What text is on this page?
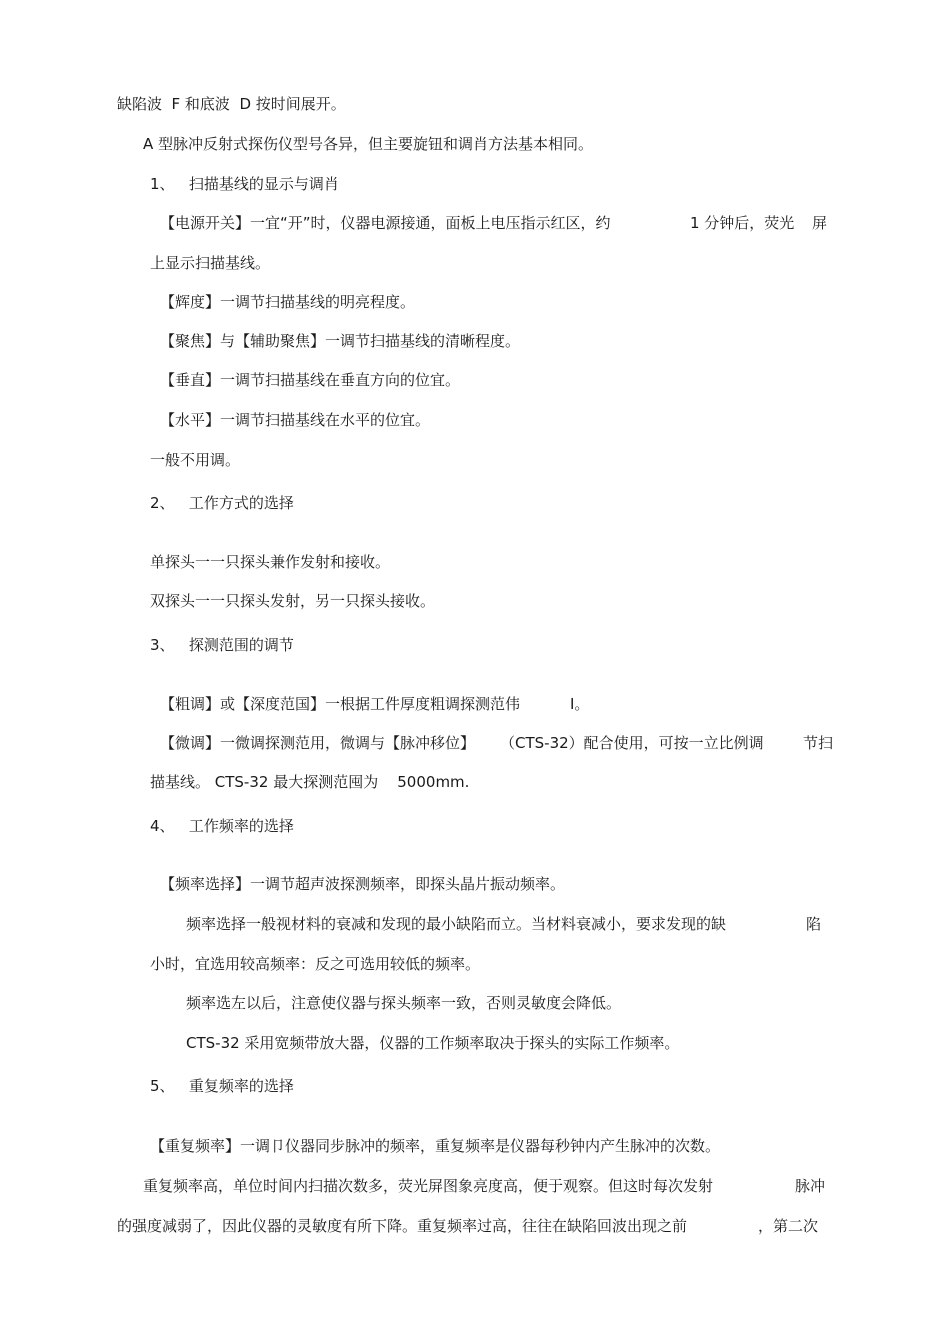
缺陷波  F 和底波  D 按时间展开。
A 型脉冲反射式探伤仪型号各异，但主要旋钮和调肖方法基本相同。
1、   扫描基线的显示与调肖
【电源开关】一宜“开”时，仪器电源接通，面板上电压指示红区，约	1 分钟后，荧光 屏
上显示扫描基线。
【辉度】一调节扫描基线的明亮程度。
【聚焦】与【辅助聚焦】一调节扫描基线的清晰程度。
【垂直】一调节扫描基线在垂直方向的位宜。
【水平】一调节扫描基线在水平的位宜。
一般不用调。
2、   工作方式的选择
单探头一一只探头兼作发射和接收。
双探头一一只探头发射，另一只探头接收。
3、   探测范围的调节
【粗调】或【深度范国】一根据工件厚度粗调探测范伟	I。
【微调】一微调探测范用，微调与【脉冲移位】 （CTS-32）配合使用，可按一立比例调	节扫
描基线。 CTS-32 最大探测范囤为    5000mm.
4、   工作频率的选择
【频率选择】一调节超声波探测频率，即探头晶片振动频率。
频率选择一般视材料的衰减和发现的最小缺陷而立。当材料衰减小，要求发现的缺	陷
小时，宜选用较高频率：反之可选用较低的频率。
频率选左以后，注意使仪器与探头频率一致，否则灵敏度会降低。
CTS-32 采用宽频带放大器，仪器的工作频率取决于探头的实际工作频率。
5、   重复频率的选择
【重复频率】一调卩仪器同步脉冲的频率，重复频率是仪器每秒钟内产生脉冲的次数。
重复频率高，单位时间内扫描次数多，荧光屏图象亮度高，便于观察。但这时每次发射	脉冲
的强度减弱了，因此仪器的灵敏度有所下降。重复频率过高，往往在缺陷回波出现之前	，第二次
